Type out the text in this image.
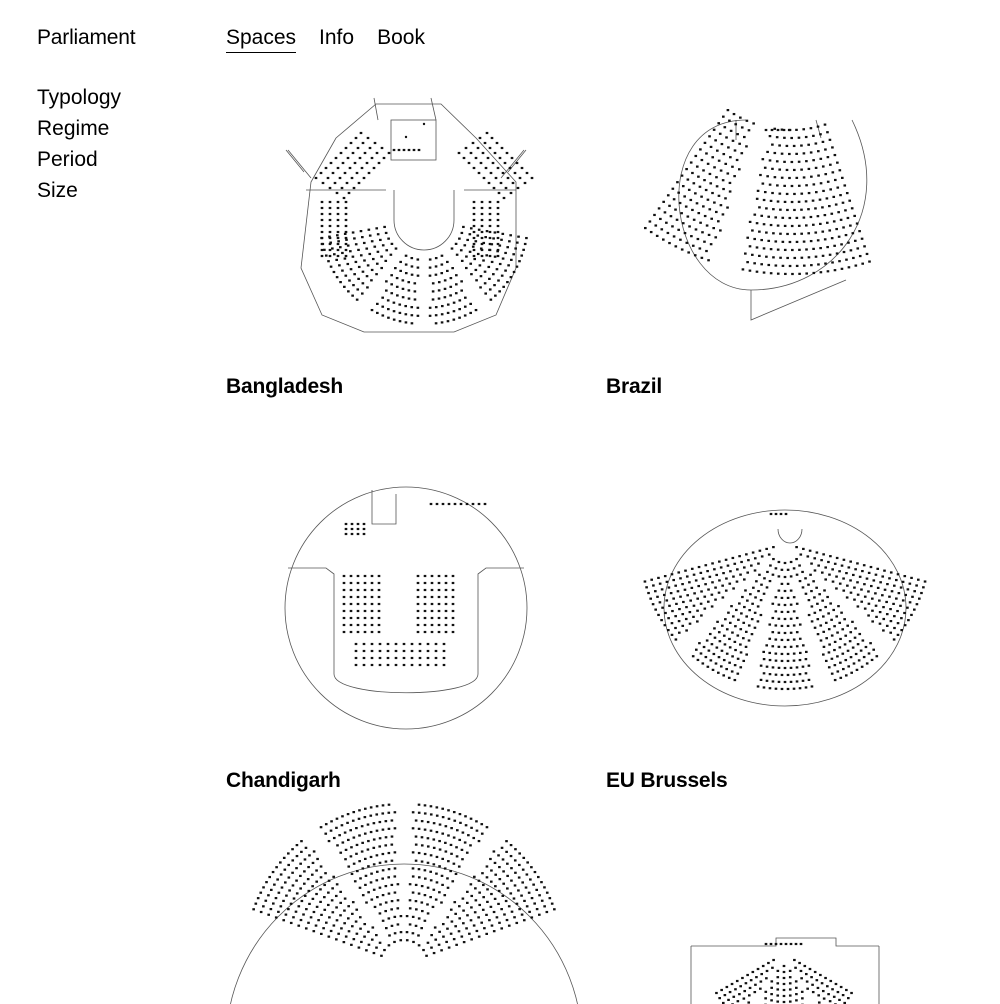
Parliament	Spaces Info Book
Typology
Regime
Period
Size
Bangladesh	Brazil
Chandigarh	EU Brussels
